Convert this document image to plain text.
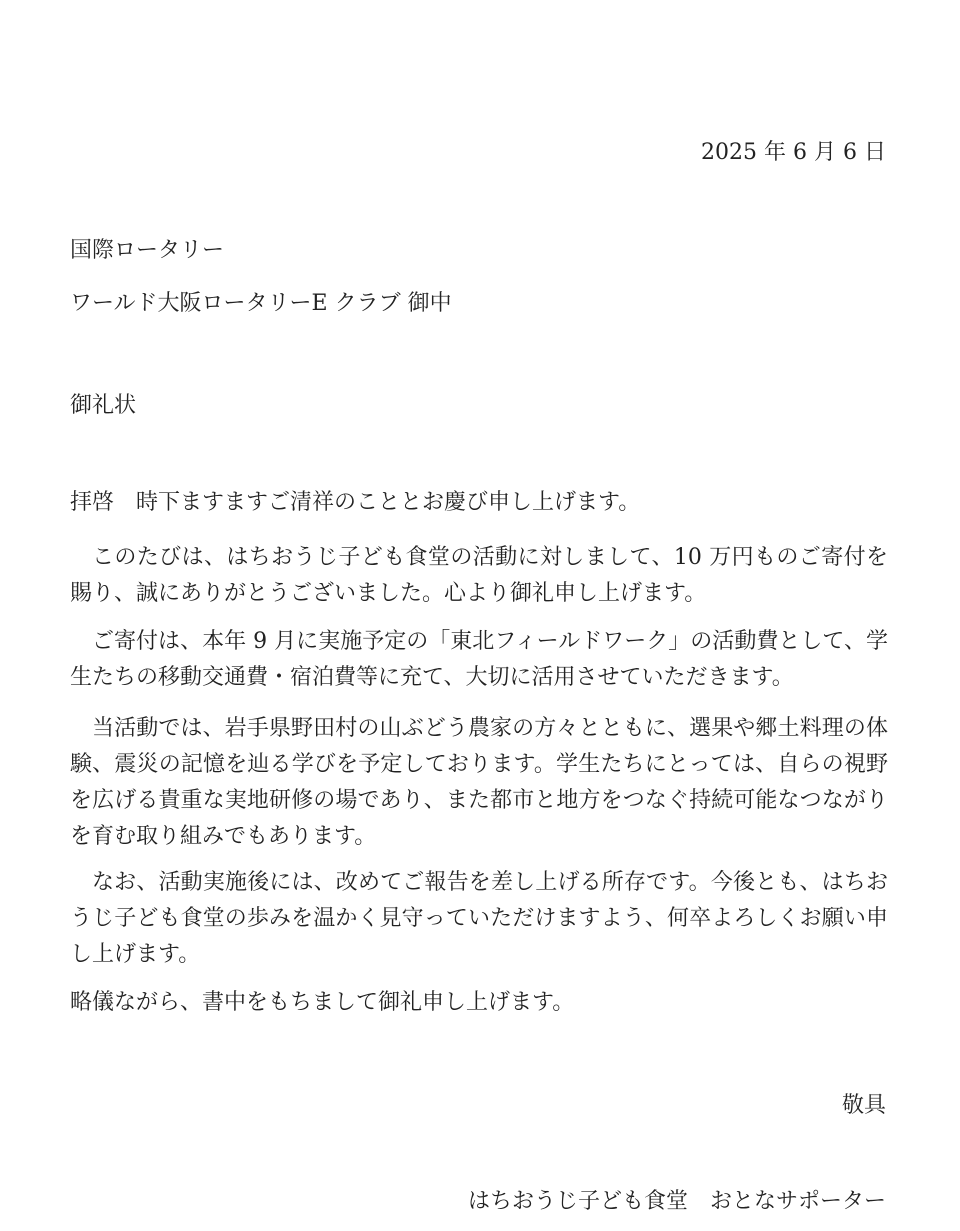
2025 年 6 月 6 日

国際ロータリー

ワールド大阪ロータリーE クラブ 御中

御礼状

拝啓　時下ますますご清祥のこととお慶び申し上げます。

このたびは、はちおうじ子ども食堂の活動に対しまして、10 万円ものご寄付を賜り、誠にありがとうございました。心より御礼申し上げます。

ご寄付は、本年 9 月に実施予定の「東北フィールドワーク」の活動費として、学生たちの移動交通費・宿泊費等に充て、大切に活用させていただきます。

当活動では、岩手県野田村の山ぶどう農家の方々とともに、選果や郷土料理の体験、震災の記憶を辿る学びを予定しております。学生たちにとっては、自らの視野を広げる貴重な実地研修の場であり、また都市と地方をつなぐ持続可能なつながりを育む取り組みでもあります。

なお、活動実施後には、改めてご報告を差し上げる所存です。今後とも、はちおうじ子ども食堂の歩みを温かく見守っていただけますよう、何卒よろしくお願い申し上げます。

略儀ながら、書中をもちまして御礼申し上げます。

敬具

はちおうじ子ども食堂　おとなサポーター
